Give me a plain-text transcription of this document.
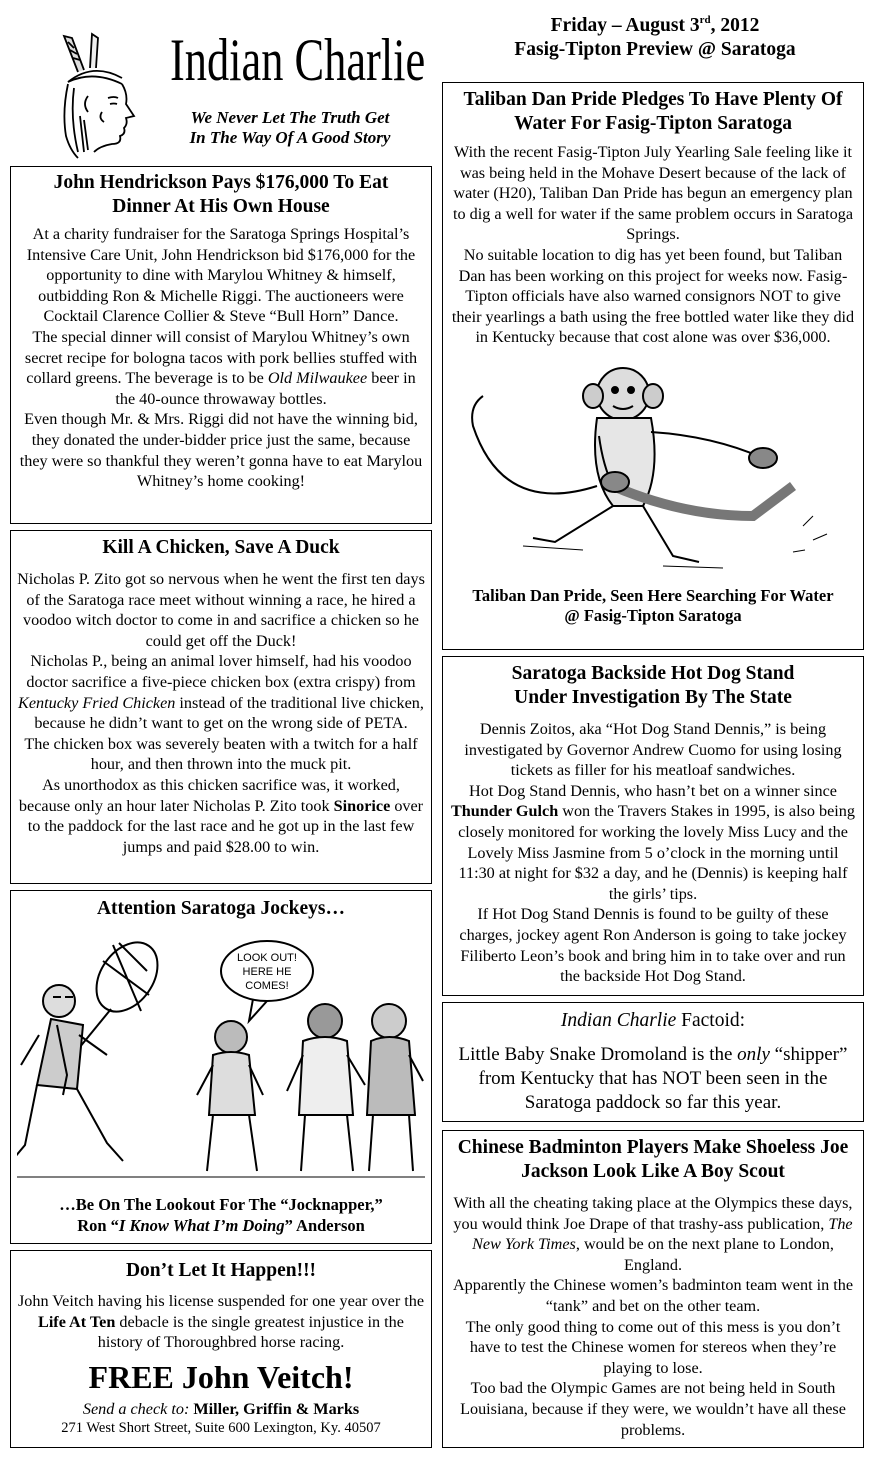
Indian Charlie
We Never Let The Truth Get
In The Way Of A Good Story
Friday – August 3rd, 2012
Fasig-Tipton Preview @ Saratoga
John Hendrickson Pays $176,000 To Eat Dinner At His Own House

At a charity fundraiser for the Saratoga Springs Hospital’s Intensive Care Unit, John Hendrickson bid $176,000 for the opportunity to dine with Marylou Whitney & himself, outbidding Ron & Michelle Riggi. The auctioneers were Cocktail Clarence Collier & Steve “Bull Horn” Dance.

The special dinner will consist of Marylou Whitney’s own secret recipe for bologna tacos with pork bellies stuffed with collard greens. The beverage is to be Old Milwaukee beer in the 40-ounce throwaway bottles.

Even though Mr. & Mrs. Riggi did not have the winning bid, they donated the under-bidder price just the same, because they were so thankful they weren’t gonna have to eat Marylou Whitney’s home cooking!

Kill A Chicken, Save A Duck

Nicholas P. Zito got so nervous when he went the first ten days of the Saratoga race meet without winning a race, he hired a voodoo witch doctor to come in and sacrifice a chicken so he could get off the Duck!

Nicholas P., being an animal lover himself, had his voodoo doctor sacrifice a five-piece chicken box (extra crispy) from Kentucky Fried Chicken instead of the traditional live chicken, because he didn’t want to get on the wrong side of PETA.

The chicken box was severely beaten with a twitch for a half hour, and then thrown into the muck pit.

As unorthodox as this chicken sacrifice was, it worked, because only an hour later Nicholas P. Zito took Sinorice over to the paddock for the last race and he got up in the last few jumps and paid $28.00 to win.

Attention Saratoga Jockeys…
LOOK OUT!
HERE HE
COMES!
…Be On The Lookout For The “Jocknapper,”
Ron “I Know What I’m Doing” Anderson
Don’t Let It Happen!!!

John Veitch having his license suspended for one year over the Life At Ten debacle is the single greatest injustice in the history of Thoroughbred horse racing.

FREE John Veitch!
Send a check to: Miller, Griffin & Marks
271 West Short Street, Suite 600 Lexington, Ky. 40507
Taliban Dan Pride Pledges To Have Plenty Of Water For Fasig-Tipton Saratoga

With the recent Fasig-Tipton July Yearling Sale feeling like it was being held in the Mohave Desert because of the lack of water (H20), Taliban Dan Pride has begun an emergency plan to dig a well for water if the same problem occurs in Saratoga Springs.

No suitable location to dig has yet been found, but Taliban Dan has been working on this project for weeks now. Fasig-Tipton officials have also warned consignors NOT to give their yearlings a bath using the free bottled water like they did in Kentucky because that cost alone was over $36,000.

Taliban Dan Pride, Seen Here Searching For Water
@ Fasig-Tipton Saratoga
Saratoga Backside Hot Dog Stand Under Investigation By The State

Dennis Zoitos, aka “Hot Dog Stand Dennis,” is being investigated by Governor Andrew Cuomo for using losing tickets as filler for his meatloaf sandwiches.

Hot Dog Stand Dennis, who hasn’t bet on a winner since Thunder Gulch won the Travers Stakes in 1995, is also being closely monitored for working the lovely Miss Lucy and the Lovely Miss Jasmine from 5 o’clock in the morning until 11:30 at night for $32 a day, and he (Dennis) is keeping half the girls’ tips.

If Hot Dog Stand Dennis is found to be guilty of these charges, jockey agent Ron Anderson is going to take jockey Filiberto Leon’s book and bring him in to take over and run the backside Hot Dog Stand.

Indian Charlie Factoid:
Little Baby Snake Dromoland is the only “shipper” from Kentucky that has NOT been seen in the Saratoga paddock so far this year.
Chinese Badminton Players Make Shoeless Joe Jackson Look Like A Boy Scout

With all the cheating taking place at the Olympics these days, you would think Joe Drape of that trashy-ass publication, The New York Times, would be on the next plane to London, England.

Apparently the Chinese women’s badminton team went in the “tank” and bet on the other team.

The only good thing to come out of this mess is you don’t have to test the Chinese women for stereos when they’re playing to lose.

Too bad the Olympic Games are not being held in South Louisiana, because if they were, we wouldn’t have all these problems.
